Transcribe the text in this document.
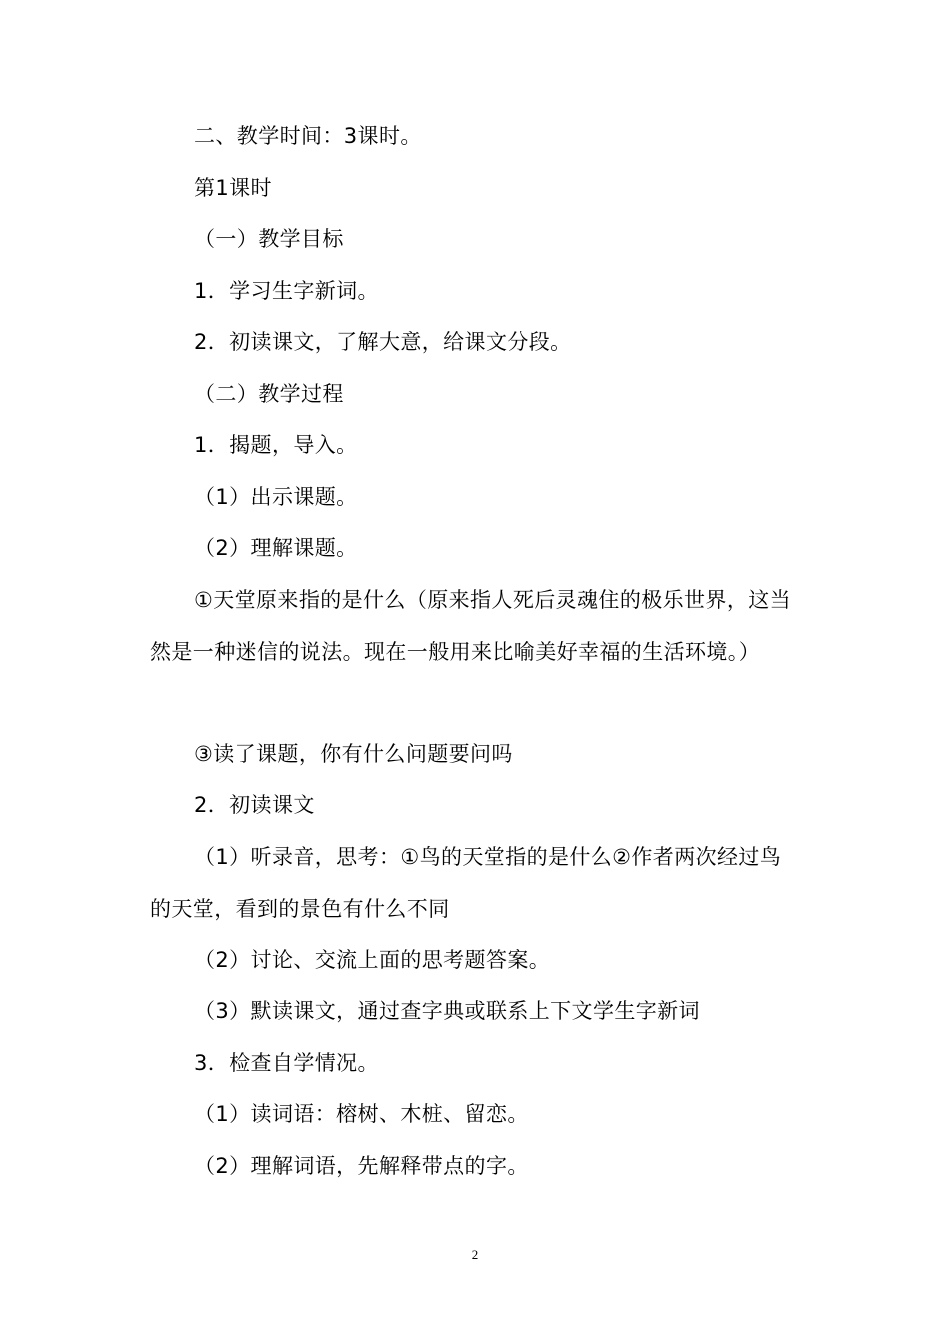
二、教学时间：3课时。

第1课时

（一）教学目标

1．学习生字新词。

2．初读课文，了解大意，给课文分段。

（二）教学过程

1．揭题，导入。

（1）出示课题。

（2）理解课题。

①天堂原来指的是什么（原来指人死后灵魂住的极乐世界，这当然是一种迷信的说法。现在一般用来比喻美好幸福的生活环境。）

③读了课题，你有什么问题要问吗

2．初读课文

（1）听录音，思考：①鸟的天堂指的是什么②作者两次经过鸟的天堂，看到的景色有什么不同

（2）讨论、交流上面的思考题答案。

（3）默读课文，通过查字典或联系上下文学生字新词

3．检查自学情况。

（1）读词语：榕树、木桩、留恋。

（2）理解词语，先解释带点的字。

2
